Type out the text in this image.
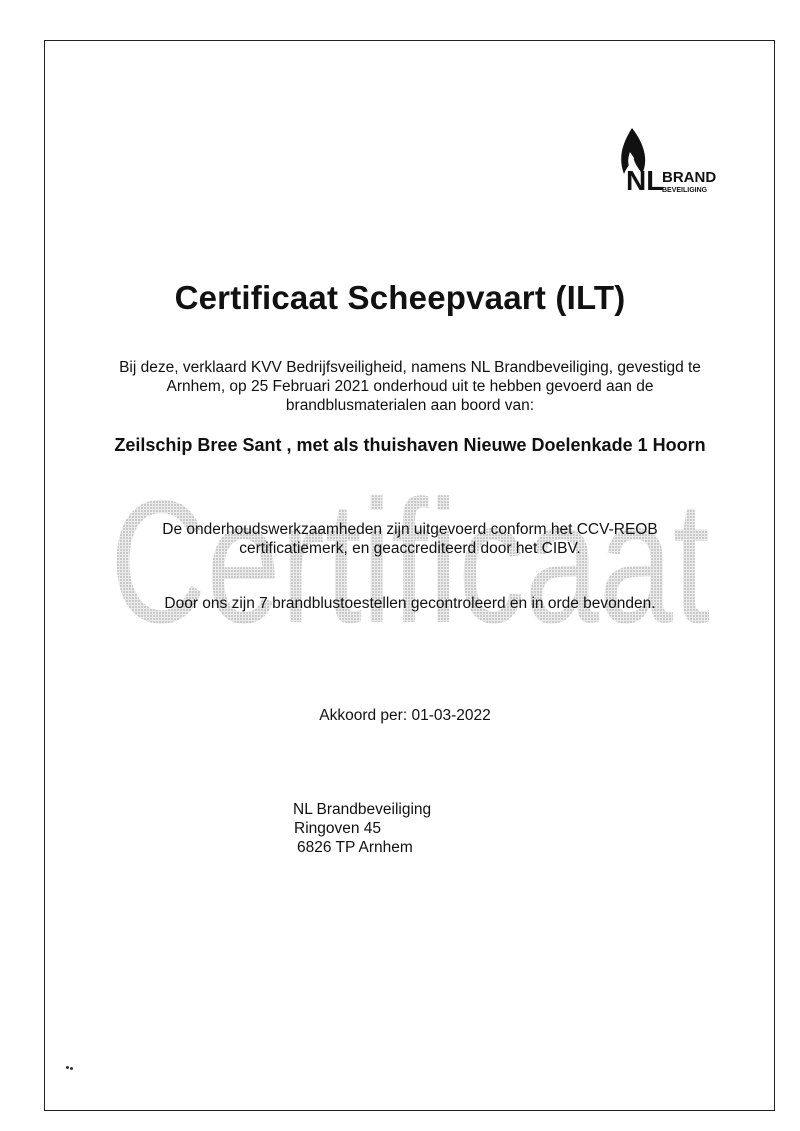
NL
BRAND
BEVEILIGING
Certificaat Scheepvaart (ILT)
Bij deze, verklaard KVV Bedrijfsveiligheid, namens NL Brandbeveiliging, gevestigd te Arnhem, op 25 Februari 2021 onderhoud uit te hebben gevoerd aan de brandblusmaterialen aan boord van:
Zeilschip Bree Sant , met als thuishaven Nieuwe Doelenkade 1 Hoorn
Certificaat
De onderhoudswerkzaamheden zijn uitgevoerd conform het CCV-REOB certificatiemerk, en geaccrediteerd door het CIBV.
Door ons zijn 7 brandblustoestellen gecontroleerd en in orde bevonden.
Akkoord per: 01-03-2022
NL Brandbeveiliging
Ringoven 45
6826 TP Arnhem
